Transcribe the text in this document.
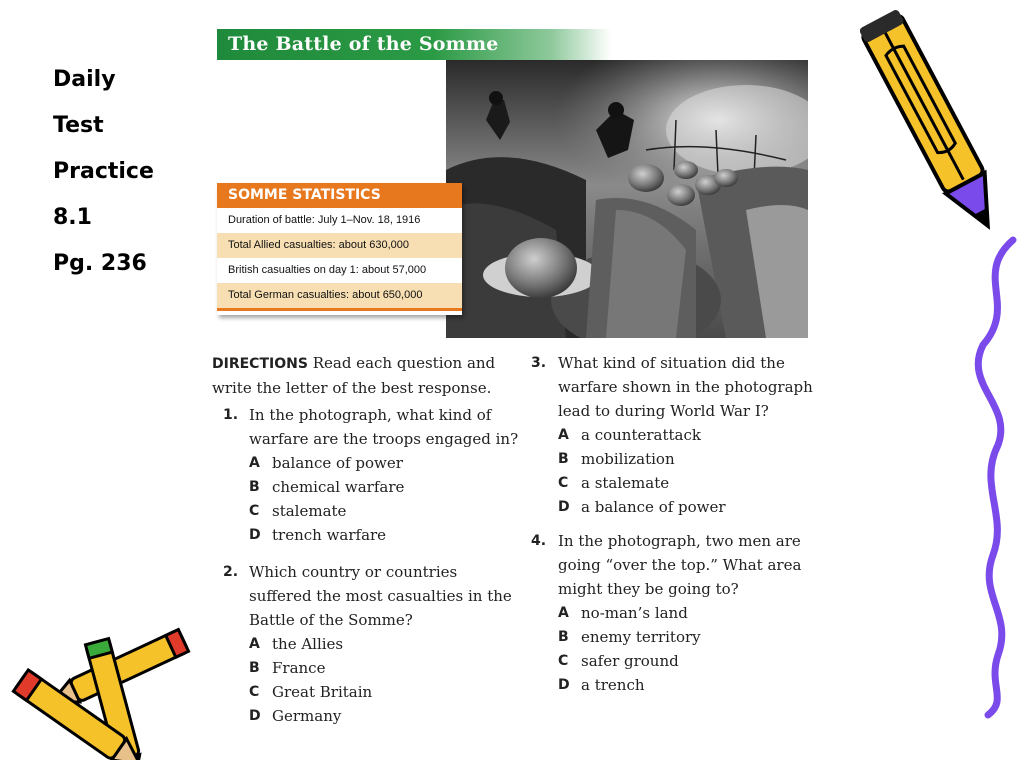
Daily
Test
Practice
8.1
Pg. 236
The Battle of the Somme
SOMME STATISTICS
Duration of battle: July 1–Nov. 18, 1916
Total Allied casualties: about 630,000
British casualties on day 1: about 57,000
Total German casualties: about 650,000
DIRECTIONS Read each question and write the letter of the best response.
1. In the photograph, what kind of warfare are the troops engaged in?
A balance of power
B chemical warfare
C stalemate
D trench warfare
2. Which country or countries suffered the most casualties in the Battle of the Somme?
A the Allies
B France
C Great Britain
D Germany
3. What kind of situation did the warfare shown in the photograph lead to during World War I?
A a counterattack
B mobilization
C a stalemate
D a balance of power
4. In the photograph, two men are going “over the top.” What area might they be going to?
A no-man’s land
B enemy territory
C safer ground
D a trench
